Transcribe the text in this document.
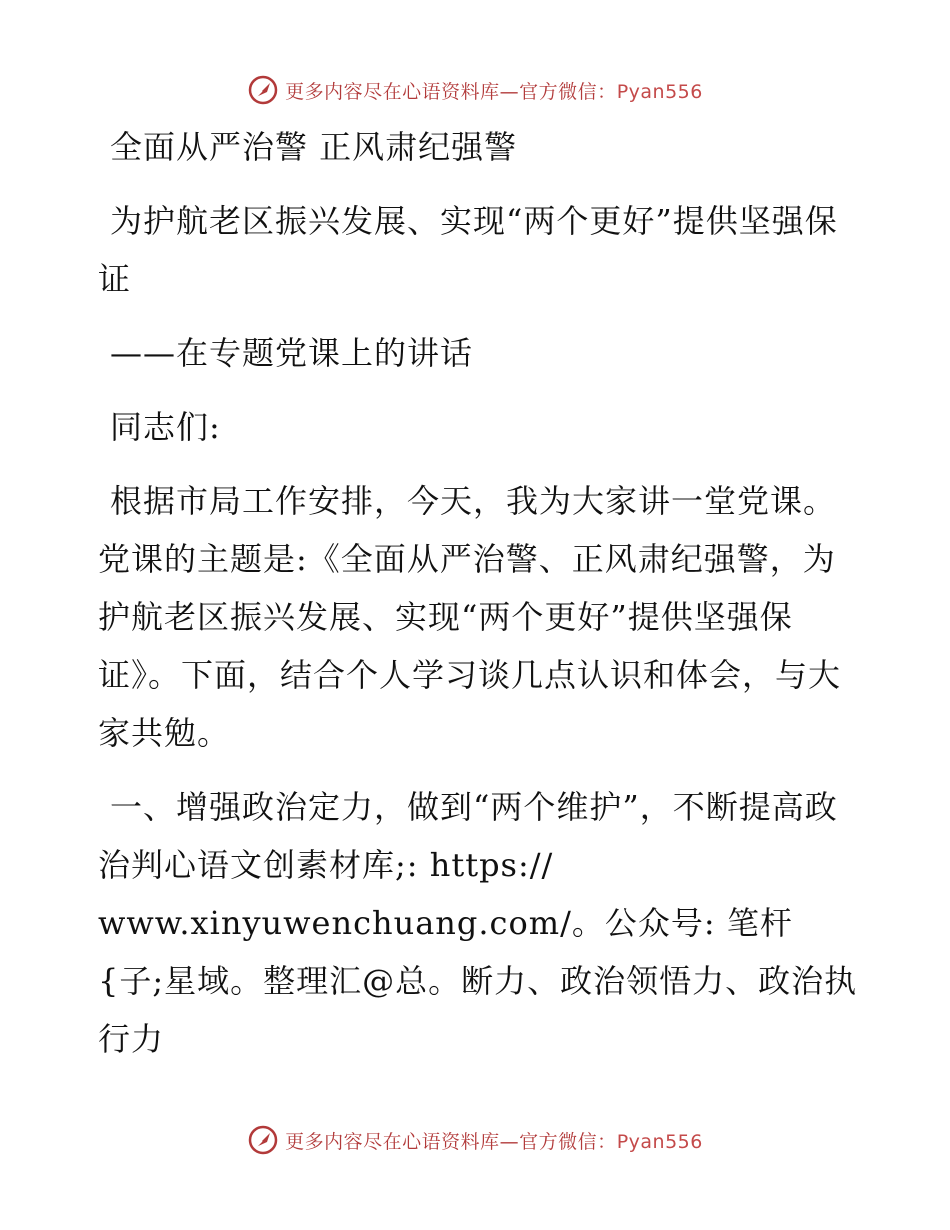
更多内容尽在心语资料库—官方微信：Pyan556

全面从严治警 正风肃纪强警

为护航老区振兴发展、实现“两个更好”提供坚强保证

——在专题党课上的讲话

同志们:

根据市局工作安排，今天，我为大家讲一堂党课。党课的主题是:《全面从严治警、正风肃纪强警，为护航老区振兴发展、实现“两个更好”提供坚强保证》。下面，结合个人学习谈几点认识和体会，与大家共勉。

一、增强政治定力，做到“两个维护”，不断提高政治判心语文创素材库;: https://
www.xinyuwenchuang.com/。公众号: 笔杆{子;星域。整理汇@总。断力、政治领悟力、政治执行力

更多内容尽在心语资料库—官方微信：Pyan556
